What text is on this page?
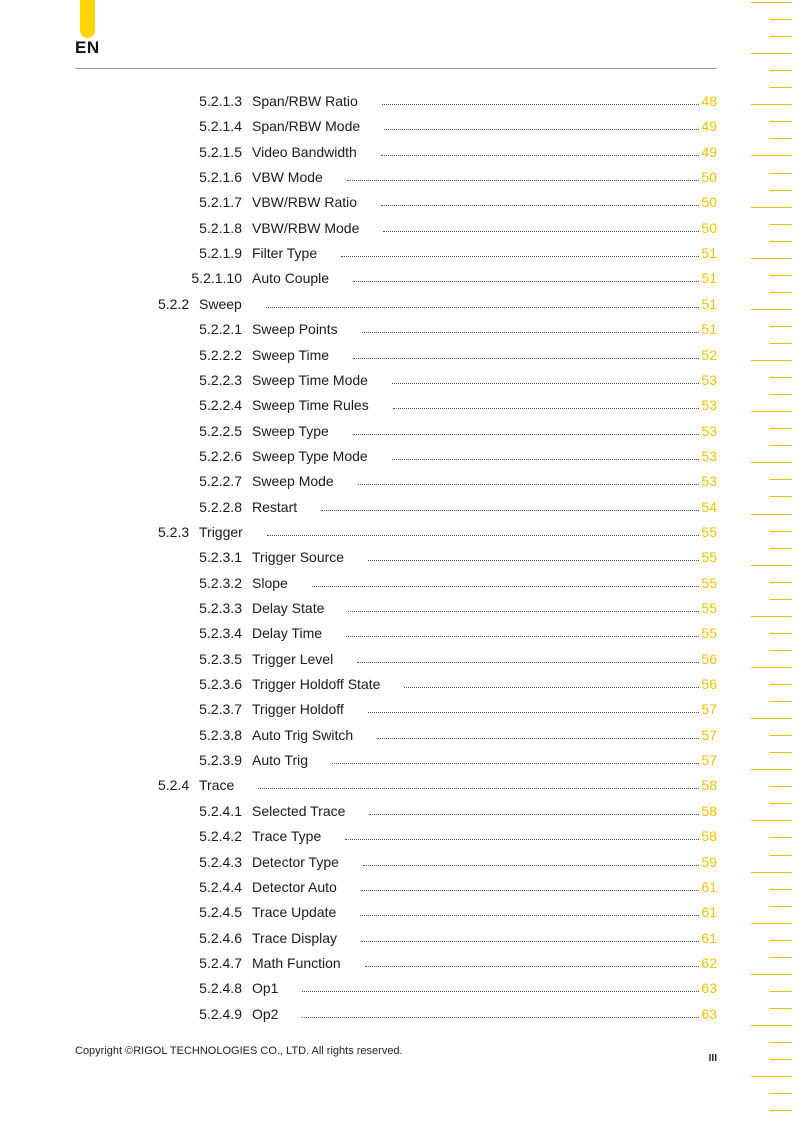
EN
5.2.1.3 Span/RBW Ratio	48
5.2.1.4 Span/RBW Mode	49
5.2.1.5 Video Bandwidth	49
5.2.1.6 VBW Mode	50
5.2.1.7 VBW/RBW Ratio	50
5.2.1.8 VBW/RBW Mode	50
5.2.1.9 Filter Type	51
5.2.1.10 Auto Couple	51
5.2.2 Sweep	51
5.2.2.1 Sweep Points	51
5.2.2.2 Sweep Time	52
5.2.2.3 Sweep Time Mode	53
5.2.2.4 Sweep Time Rules	53
5.2.2.5 Sweep Type	53
5.2.2.6 Sweep Type Mode	53
5.2.2.7 Sweep Mode	53
5.2.2.8 Restart	54
5.2.3 Trigger	55
5.2.3.1 Trigger Source	55
5.2.3.2 Slope	55
5.2.3.3 Delay State	55
5.2.3.4 Delay Time	55
5.2.3.5 Trigger Level	56
5.2.3.6 Trigger Holdoff State	56
5.2.3.7 Trigger Holdoff	57
5.2.3.8 Auto Trig Switch	57
5.2.3.9 Auto Trig	57
5.2.4 Trace	58
5.2.4.1 Selected Trace	58
5.2.4.2 Trace Type	58
5.2.4.3 Detector Type	59
5.2.4.4 Detector Auto	61
5.2.4.5 Trace Update	61
5.2.4.6 Trace Display	61
5.2.4.7 Math Function	62
5.2.4.8 Op1	63
5.2.4.9 Op2	63
Copyright ©RIGOL TECHNOLOGIES CO., LTD. All rights reserved.
III
